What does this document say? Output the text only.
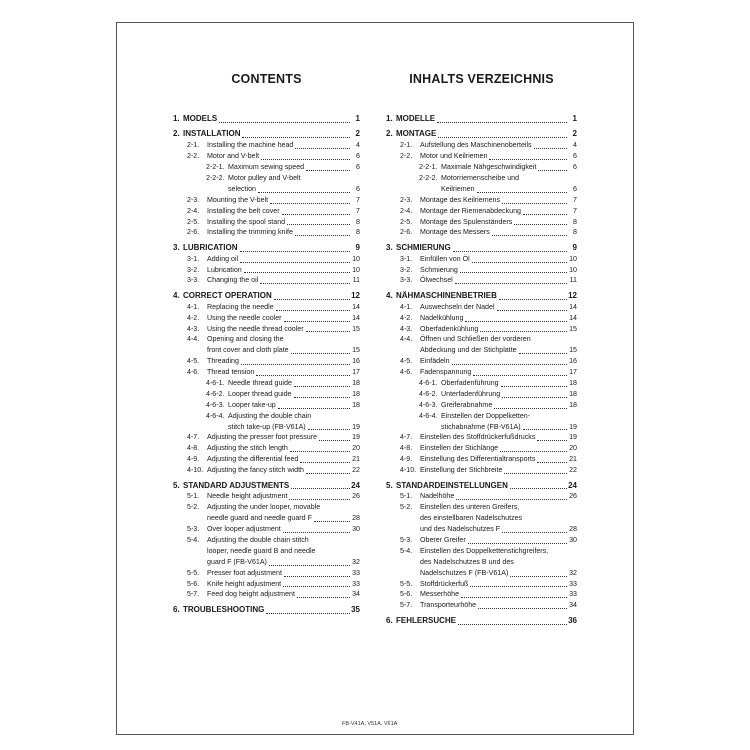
CONTENTS	INHALTS VERZEICHNIS
1. MODELS	1
2. INSTALLATION	2
2-1. Installing the machine head	4
2-2. Motor and V-belt	6
2-2-1. Maximum sewing speed	6
2-2-2. Motor pulley and V-belt
selection	6
2-3. Mounting the V-belt	7
2-4. Installing the belt cover	7
2-5. Installing the spool stand	8
2-6. Installing the trimming knife	8
3. LUBRICATION	9
3-1. Adding oil	10
3-2. Lubrication	10
3-3. Changing the oil	11
4. CORRECT OPERATION	12
4-1. Replacing the needle	14
4-2. Using the needle cooler	14
4-3. Using the needle thread cooler	15
4-4. Opening and closing the
front cover and cloth plate	15
4-5. Threading	16
4-6. Thread tension	17
4-6-1. Needle thread guide	18
4-6-2. Looper thread guide	18
4-6-3. Looper take-up	18
4-6-4. Adjusting the double chain
stitch take-up (FB-V61A)	19
4-7. Adjusting the presser foot pressure	19
4-8. Adjusting the stitch length	20
4-9. Adjusting the differential feed	21
4-10. Adjusting the fancy stitch width	22
5. STANDARD ADJUSTMENTS	24
5-1. Needle height adjustment	26
5-2. Adjusting the under looper, movable
needle guard and needle guard F	28
5-3. Over looper adjustment	30
5-4. Adjusting the double chain stitch
looper, needle guard B and needle
guard F (FB-V61A)	32
5-5. Presser foot adjustment	33
5-6. Knife height adjustment	33
5-7. Feed dog height adjustment	34
6. TROUBLESHOOTING	35
1. MODELLE	1
2. MONTAGE	2
2-1. Aufstellung des Maschinenoberteils	4
2-2. Motor und Keilriemen	6
2-2-1. Maximale Nähgeschwindigkeit	6
2-2-2. Motorriemenscheibe und
Keilriemen	6
2-3. Montage des Keilriemens	7
2-4. Montage der Riemenabdeckung	7
2-5. Montage des Spulenständers	8
2-6. Montage des Messers	8
3. SCHMIERUNG	9
3-1. Einfüllen von Öl	10
3-2. Schmierung	10
3-3. Ölwechsel	11
4. NÄHMASCHINENBETRIEB	12
4-1. Auswechseln der Nadel	14
4-2. Nadelkühlung	14
4-3. Oberfadenkühlung	15
4-4. Öffnen und Schließen der vorderen
Abdeckung und der Stichplatte	15
4-5. Einfädeln	16
4-6. Fadenspannung	17
4-6-1. Oberfadenführung	18
4-6-2. Unterfadenführung	18
4-6-3. Greiferabnahme	18
4-6-4. Einstellen der Doppelketten-
stichabnahme (FB-V61A)	19
4-7. Einstellen des Stoffdrückerfußdrucks	19
4-8. Einstellen der Stichlänge	20
4-9. Einstellung des Differentialtransports	21
4-10. Einstellung der Stichbreite	22
5. STANDARDEINSTELLUNGEN	24
5-1. Nadelhöhe	26
5-2. Einstellen des unteren Greifers,
des einstellbaren Nadelschutzes
und des Nadelschutzes F	28
5-3. Oberer Greifer	30
5-4. Einstellen des Doppelkettenstichgreifers,
des Nadelschutzes B und des
Nadelschutzes F (FB-V61A)	32
5-5. Stoffdrückerfuß	33
5-6. Messerhöhe	33
5-7. Transporteurhöhe	34
6. FEHLERSUCHE	36
FB-V41A, V51A, V61A
